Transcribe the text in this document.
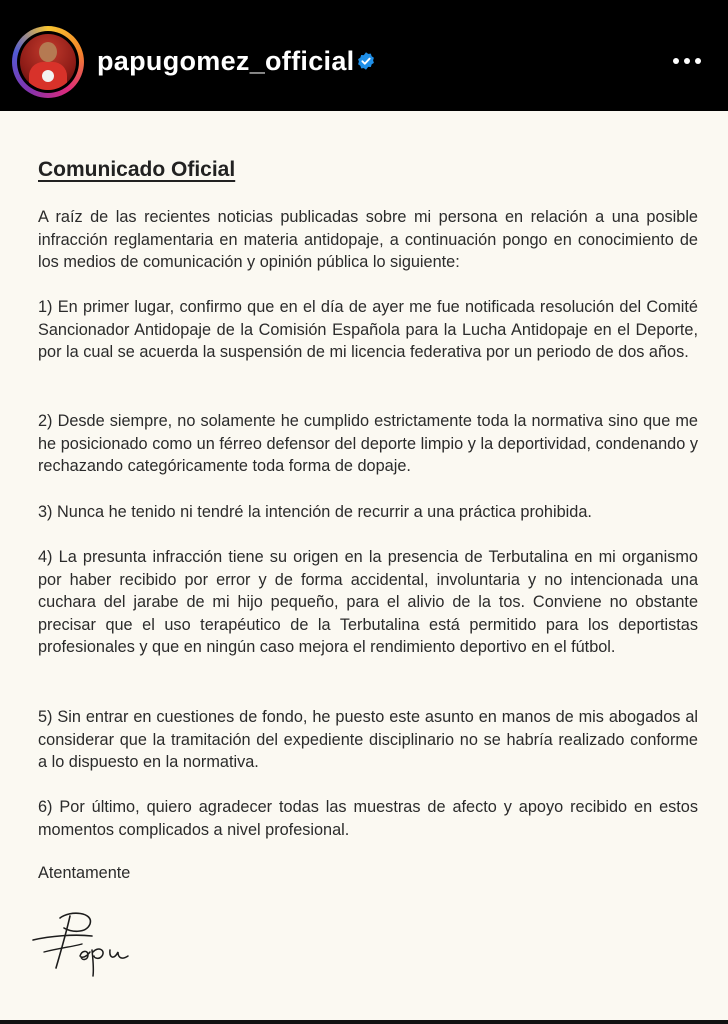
papugomez_official
Comunicado Oficial

A raíz de las recientes noticias publicadas sobre mi persona en relación a una posible infracción reglamentaria en materia antidopaje, a continuación pongo en conocimiento de los medios de comunicación y opinión pública lo siguiente:

1) En primer lugar, confirmo que en el día de ayer me fue notificada resolución del Comité Sancionador Antidopaje de la Comisión Española para la Lucha Antidopaje en el Deporte, por la cual se acuerda la suspensión de mi licencia federativa por un periodo de dos años.

2) Desde siempre, no solamente he cumplido estrictamente toda la normativa sino que me he posicionado como un férreo defensor del deporte limpio y la deportividad, condenando y rechazando categóricamente toda forma de dopaje.

3) Nunca he tenido ni tendré la intención de recurrir a una práctica prohibida.

4) La presunta infracción tiene su origen en la presencia de Terbutalina en mi organismo por haber recibido por error y de forma accidental, involuntaria y no intencionada una cuchara del jarabe de mi hijo pequeño, para el alivio de la tos. Conviene no obstante precisar que el uso terapéutico de la Terbutalina está permitido para los deportistas profesionales y que en ningún caso mejora el rendimiento deportivo en el fútbol.

5) Sin entrar en cuestiones de fondo, he puesto este asunto en manos de mis abogados al considerar que la tramitación del expediente disciplinario no se habría realizado conforme a lo dispuesto en la normativa.

6) Por último, quiero agradecer todas las muestras de afecto y apoyo recibido en estos momentos complicados a nivel profesional.

Atentamente
